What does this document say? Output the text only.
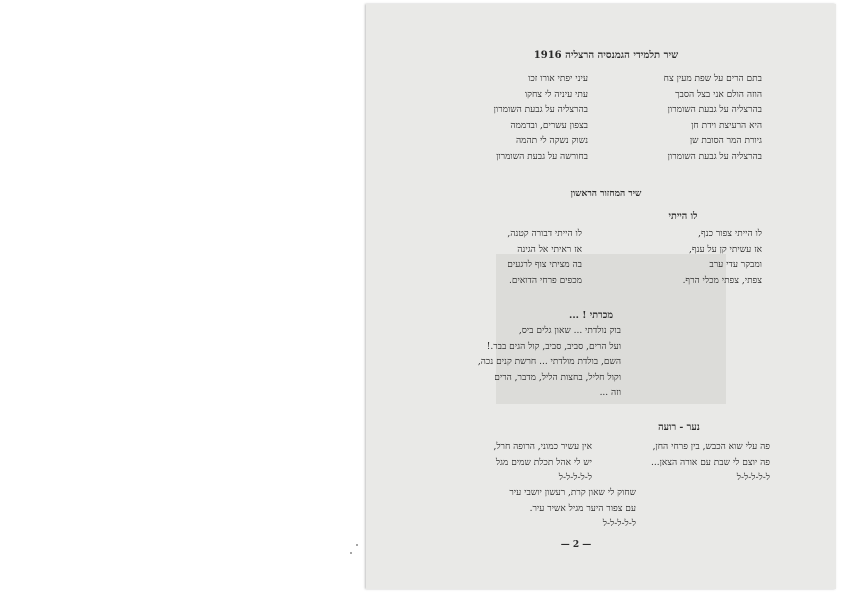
שיר תלמידי הגמנסיה הרצליה 1916
בתם הרים על שפת מעין צח
הוזה הולם אני בצל הסבך
בהרצליה על גבעת השומרון
היא הרעיצת וידת חן
גיורת המר הסובת שן
בהרצליה על גבעת השומרון
עיני יפתי אורו זכו
עתי עיניה לי צחקו
בהרצליה על גבעת השומרון
בצפון עשרים, ובדממה
נשוק נשקה לי תהמה
בחורשה על גבעת השומרון
שיר המחזור הראשון
לו הייתי
לו הייתי צפור כנף,
אז עשיתי קן על ענף,
ומבקר עדי ערב
צפתי, צפתי מכלי הרף.
לו הייתי דבורה קטנה,
אז ראיתי אל הגינה
בה מציתי צוף לרגעים
מכפים פרחי הדואים.
מכרתי ! ...
בוק נולדתי ... שאון גלים ביס,
ועל הרים, סביב, סביב, קול הגים בבר.!
השם, בולדת מולדתי ... חרשת קנים נכה,
וקול חליל, בחצות הליל, מדבר, הרים
וזה ...
נער - רועה
פה עלי שוא הכבש, בין פרחי החן,
פה יוצם לי שבת עם אורה הצאן...
ל-ל-ל-ל-ל
אין עשיר כמוני, הרופה חרל,
יש לי אהל תכלת שמים מגל
ל-ל-ל-ל-ל
שחוק לי שאון קרת, רעשון יושבי עיר
עם צפור היער מגיל אשיר עיר.
ל-ל-ל-ל-ל
— 2 —
